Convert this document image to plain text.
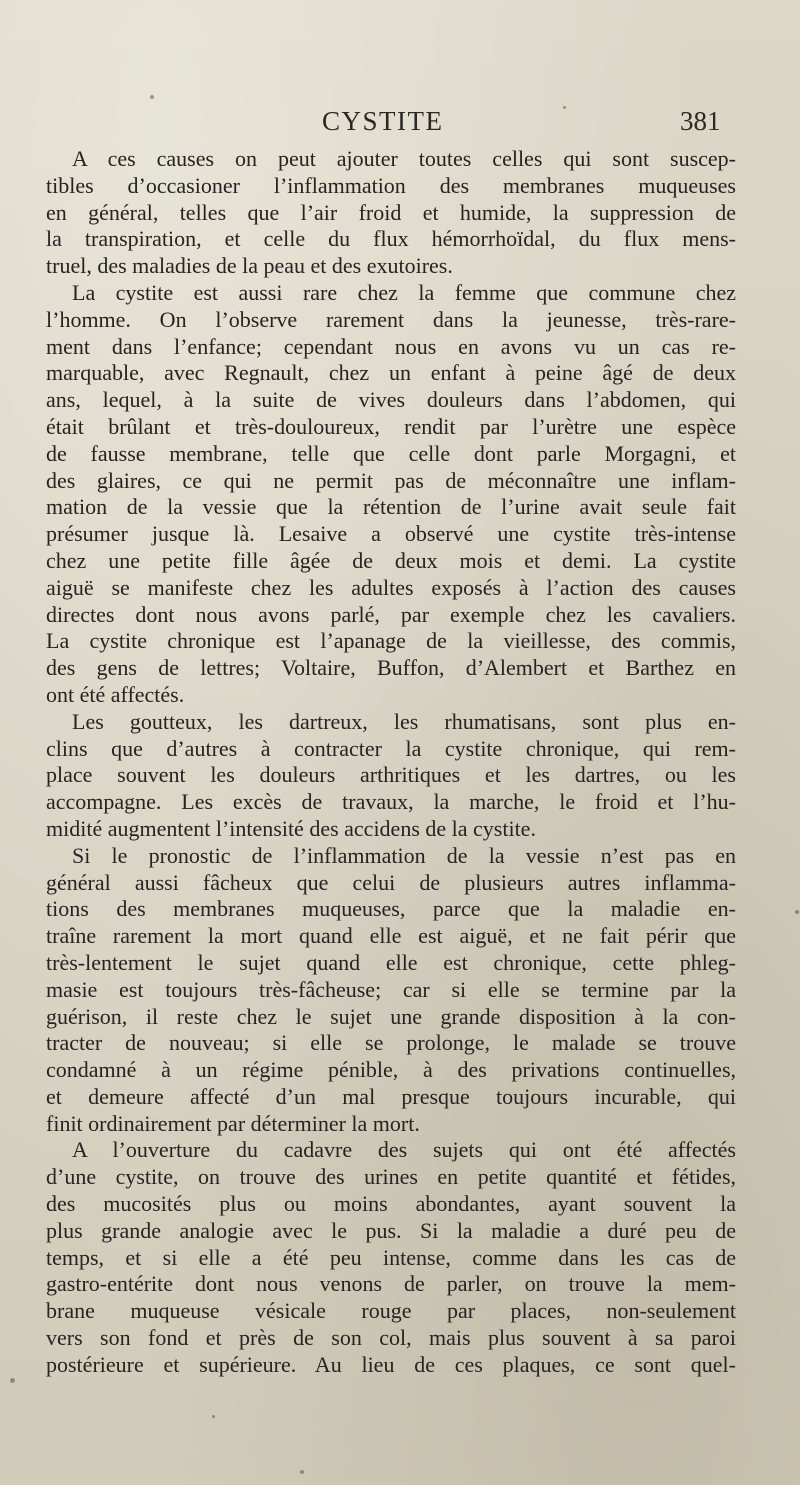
CYSTITE	381
A ces causes on peut ajouter toutes celles qui sont suscep-
tibles d’occasioner l’inflammation des membranes muqueuses
en général, telles que l’air froid et humide, la suppression de
la transpiration, et celle du flux hémorrhoïdal, du flux mens-
truel, des maladies de la peau et des exutoires.
La cystite est aussi rare chez la femme que commune chez
l’homme. On l’observe rarement dans la jeunesse, très-rare-
ment dans l’enfance; cependant nous en avons vu un cas re-
marquable, avec Regnault, chez un enfant à peine âgé de deux
ans, lequel, à la suite de vives douleurs dans l’abdomen, qui
était brûlant et très-douloureux, rendit par l’urètre une espèce
de fausse membrane, telle que celle dont parle Morgagni, et
des glaires, ce qui ne permit pas de méconnaître une inflam-
mation de la vessie que la rétention de l’urine avait seule fait
présumer jusque là. Lesaive a observé une cystite très-intense
chez une petite fille âgée de deux mois et demi. La cystite
aiguë se manifeste chez les adultes exposés à l’action des causes
directes dont nous avons parlé, par exemple chez les cavaliers.
La cystite chronique est l’apanage de la vieillesse, des commis,
des gens de lettres; Voltaire, Buffon, d’Alembert et Barthez en
ont été affectés.
Les goutteux, les dartreux, les rhumatisans, sont plus en-
clins que d’autres à contracter la cystite chronique, qui rem-
place souvent les douleurs arthritiques et les dartres, ou les
accompagne. Les excès de travaux, la marche, le froid et l’hu-
midité augmentent l’intensité des accidens de la cystite.
Si le pronostic de l’inflammation de la vessie n’est pas en
général aussi fâcheux que celui de plusieurs autres inflamma-
tions des membranes muqueuses, parce que la maladie en-
traîne rarement la mort quand elle est aiguë, et ne fait périr que
très-lentement le sujet quand elle est chronique, cette phleg-
masie est toujours très-fâcheuse; car si elle se termine par la
guérison, il reste chez le sujet une grande disposition à la con-
tracter de nouveau; si elle se prolonge, le malade se trouve
condamné à un régime pénible, à des privations continuelles,
et demeure affecté d’un mal presque toujours incurable, qui
finit ordinairement par déterminer la mort.
A l’ouverture du cadavre des sujets qui ont été affectés
d’une cystite, on trouve des urines en petite quantité et fétides,
des mucosités plus ou moins abondantes, ayant souvent la
plus grande analogie avec le pus. Si la maladie a duré peu de
temps, et si elle a été peu intense, comme dans les cas de
gastro-entérite dont nous venons de parler, on trouve la mem-
brane muqueuse vésicale rouge par places, non-seulement
vers son fond et près de son col, mais plus souvent à sa paroi
postérieure et supérieure. Au lieu de ces plaques, ce sont quel-
